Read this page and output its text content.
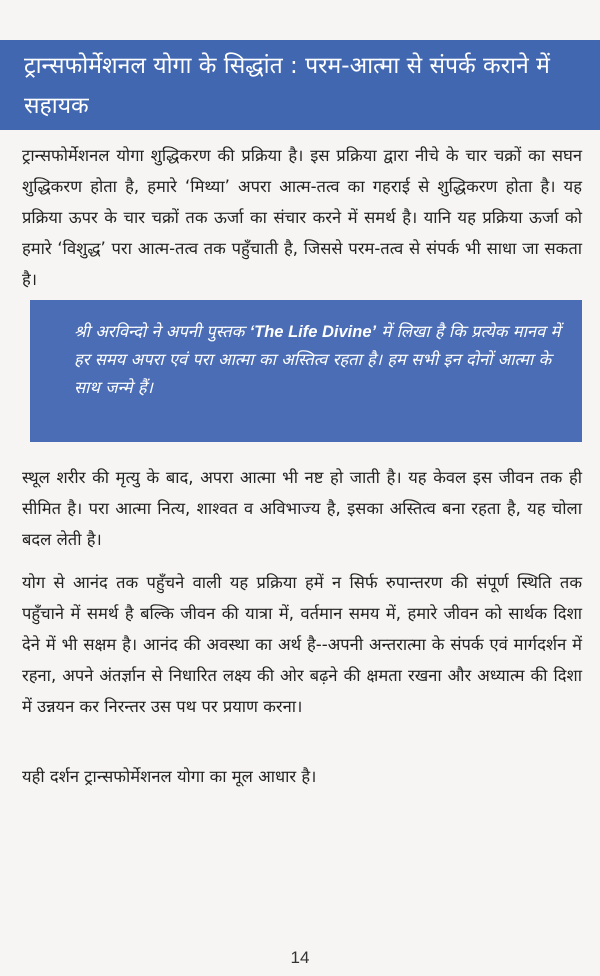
ट्रान्सफोर्मेशनल योगा के सिद्धांत : परम-आत्मा से संपर्क कराने में सहायक

ट्रान्सफोर्मेशनल योगा शुद्धिकरण की प्रक्रिया है। इस प्रक्रिया द्वारा नीचे के चार चक्रों का सघन शुद्धिकरण होता है, हमारे ‘मिथ्या’ अपरा आत्म-तत्व का गहराई से शुद्धिकरण होता है। यह प्रक्रिया ऊपर के चार चक्रों तक ऊर्जा का संचार करने में समर्थ है। यानि यह प्रक्रिया ऊर्जा को हमारे ‘विशुद्ध’ परा आत्म-तत्व तक पहुँचाती है, जिससे परम-तत्व से संपर्क भी साधा जा सकता है।

श्री अरविन्दो ने अपनी पुस्तक ‘The Life Divine’ में लिखा है कि प्रत्येक मानव में हर समय अपरा एवं परा आत्मा का अस्तित्व रहता है। हम सभी इन दोनों आत्मा के साथ जन्मे हैं।

स्थूल शरीर की मृत्यु के बाद, अपरा आत्मा भी नष्ट हो जाती है। यह केवल इस जीवन तक ही सीमित है। परा आत्मा नित्य, शाश्वत व अविभाज्य है, इसका अस्तित्व बना रहता है, यह चोला बदल लेती है।

योग से आनंद तक पहुँचने वाली यह प्रक्रिया हमें न सिर्फ रुपान्तरण की संपूर्ण स्थिति तक पहुँचाने में समर्थ है बल्कि जीवन की यात्रा में, वर्तमान समय में, हमारे जीवन को सार्थक दिशा देने में भी सक्षम है। आनंद की अवस्था का अर्थ है--अपनी अन्तरात्मा के संपर्क एवं मार्गदर्शन में रहना, अपने अंतर्ज्ञान से निधारित लक्ष्य की ओर बढ़ने की क्षमता रखना और अध्यात्म की दिशा में उन्नयन कर निरन्तर उस पथ पर प्रयाण करना।

यही दर्शन ट्रान्सफोर्मेशनल योगा का मूल आधार है।

14
